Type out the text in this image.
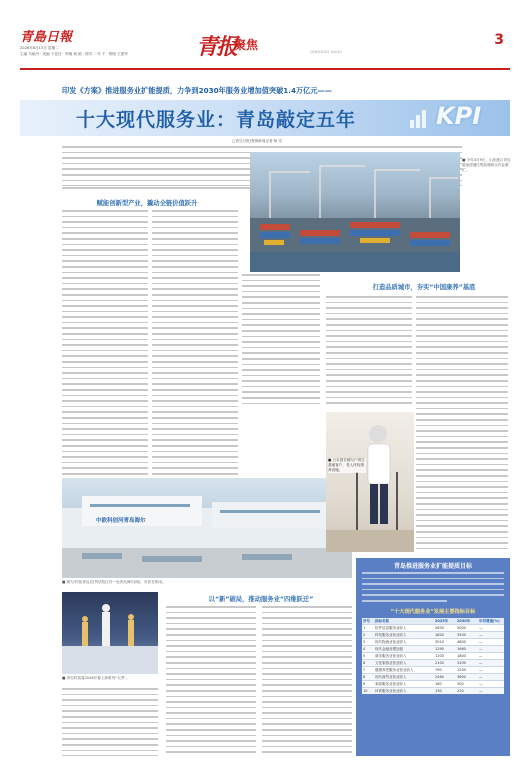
青島日報
2026年8月15日 星期二
主编 马晓丹 · 美编 于佳佳 · 审稿 杨 艳 · 校对 二号 千 · 排版 王建军	青报
聚焦	QINGDAO JIAOJI
3
印发《方案》推进服务业扩能提质，力争到2030年服务业增加值突破1.4万亿元——
十大现代服务业：青岛敲定五年	KPI
□青岛日报/观海新闻记者 杨 光
■ 今年3月9日，山东港口青岛港前湾港区集装箱码头作业繁忙。
赋能创新型产业，撬动全链价值跃升
中欧科创河青岛海尔
■ 图为中国(青岛)自贸试验区内一处青岛海尔(图)，市民在休闲。
■ 青岛时装周2026开幕上演系列“大秀”。
以“新”破局，推动服务业“四维跃迁”
打造品质城市，夯实“中国康养”基底
■ 日本国长期与户养生基地客户，老人体验康养设施。
青岛推进服务业扩能提质目标
“十大现代服务业”发展主要指标目标
序号	指标名称	2025年	2030年	年均增速(%)
1	软件信息服务业收入	2630	5000	—
2	科技服务业营业收入	1820	3500	—
3	现代物流业营业收入	3010	4800	—
4	现代金融业增加值	1290	1660	—
5	商务服务业营业收入	1200	1800	—
6	文化旅游业营业收入	2100	3200	—
7	健康养老服务业营业收入	790	1200	—
8	现代商贸业营业收入	2460	3600	—
9	家政服务业营业收入	180	300	—
10	体育服务业营业收入	130	230	—
